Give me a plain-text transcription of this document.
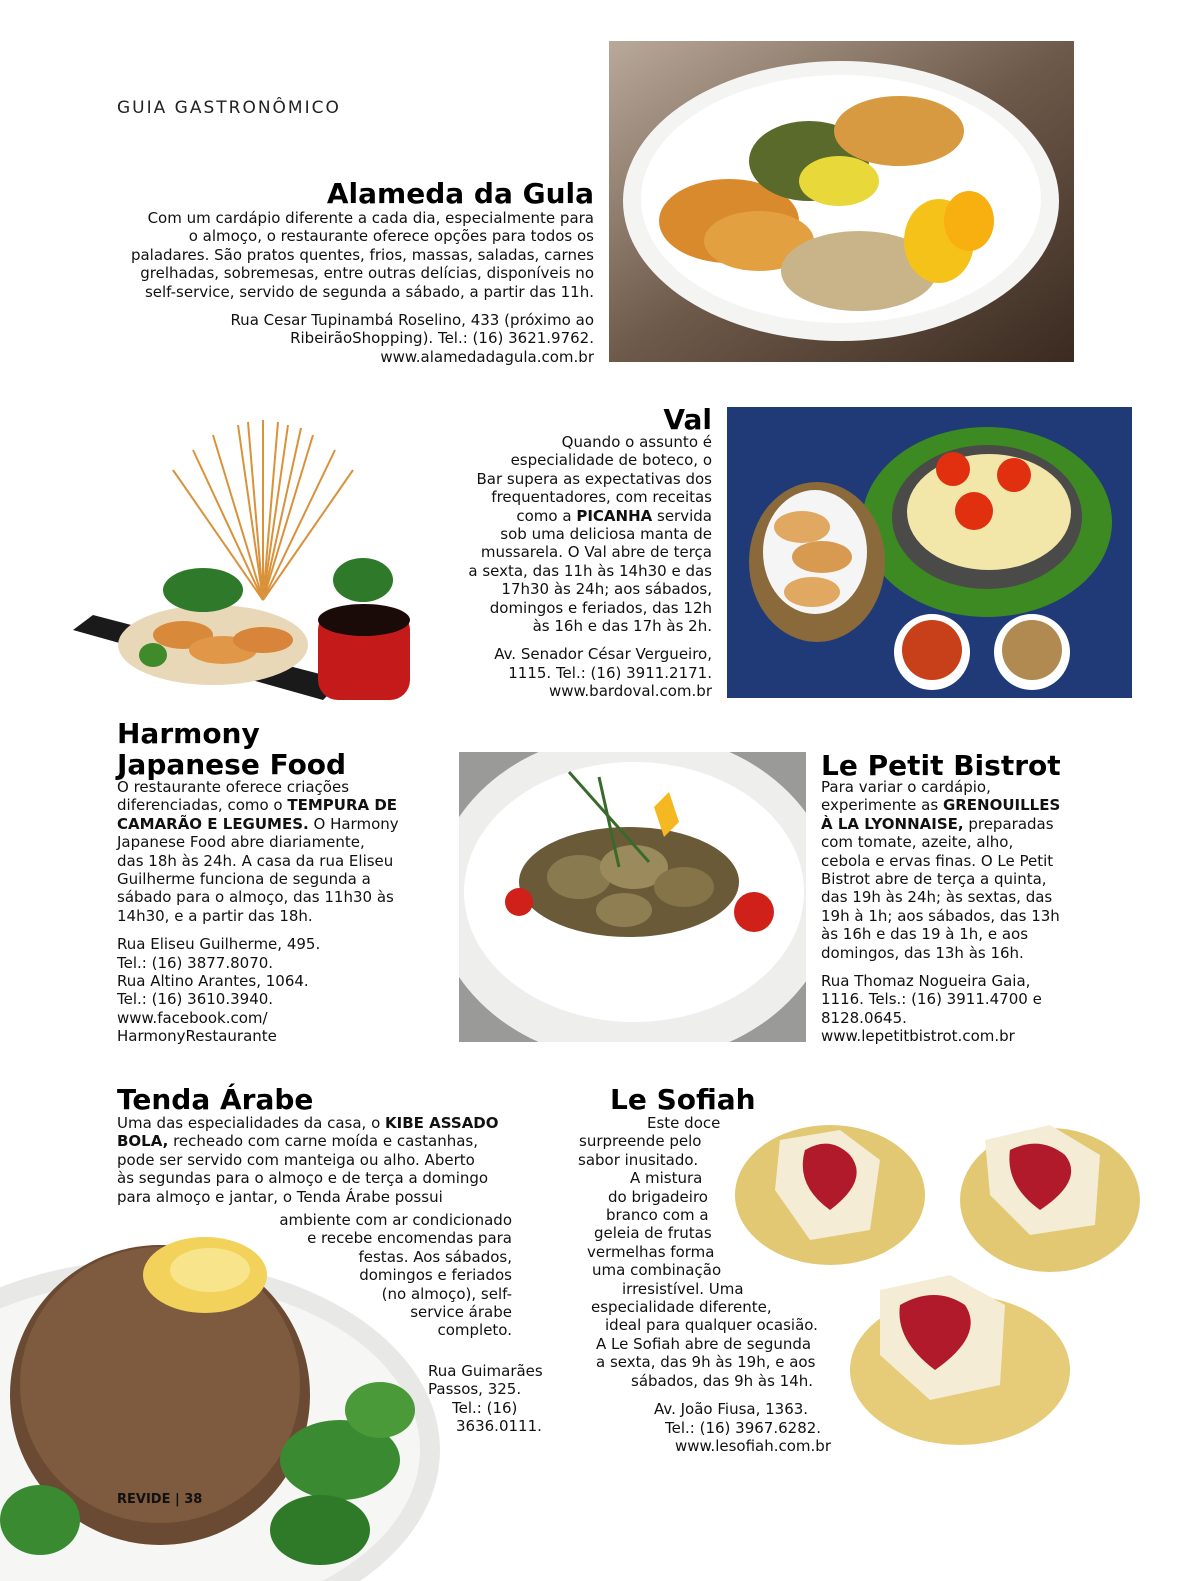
GUIA GASTRONÔMICO
Alameda da Gula

Com um cardápio diferente a cada dia, especialmente para

o almoço, o restaurante oferece opções para todos os

paladares. São pratos quentes, frios, massas, saladas, carnes

grelhadas, sobremesas, entre outras delícias, disponíveis no

self-service, servido de segunda a sábado, a partir das 11h.

Rua Cesar Tupinambá Roselino, 433 (próximo ao

RibeirãoShopping). Tel.: (16) 3621.9762.

www.alamedadagula.com.br

Val

Quando o assunto é

especialidade de boteco, o

Bar supera as expectativas dos

frequentadores, com receitas

como a PICANHA servida

sob uma deliciosa manta de

mussarela. O Val abre de terça

a sexta, das 11h às 14h30 e das

17h30 às 24h; aos sábados,

domingos e feriados, das 12h

às 16h e das 17h às 2h.

Av. Senador César Vergueiro,

1115. Tel.: (16) 3911.2171.

www.bardoval.com.br

Harmony
Japanese Food

O restaurante oferece criações

diferenciadas, como o TEMPURA DE

CAMARÃO E LEGUMES. O Harmony

Japanese Food abre diariamente,

das 18h às 24h. A casa da rua Eliseu

Guilherme funciona de segunda a

sábado para o almoço, das 11h30 às

14h30, e a partir das 18h.

Rua Eliseu Guilherme, 495.

Tel.: (16) 3877.8070.

Rua Altino Arantes, 1064.

Tel.: (16) 3610.3940.

www.facebook.com/

HarmonyRestaurante

Le Petit Bistrot

Para variar o cardápio,

experimente as GRENOUILLES

À LA LYONNAISE, preparadas

com tomate, azeite, alho,

cebola e ervas finas. O Le Petit

Bistrot abre de terça a quinta,

das 19h às 24h; às sextas, das

19h à 1h; aos sábados, das 13h

às 16h e das 19 à 1h, e aos

domingos, das 13h às 16h.

Rua Thomaz Nogueira Gaia,

1116. Tels.: (16) 3911.4700 e

8128.0645.

www.lepetitbistrot.com.br

Tenda Árabe

Uma das especialidades da casa, o KIBE ASSADO

BOLA, recheado com carne moída e castanhas,

pode ser servido com manteiga ou alho. Aberto

às segundas para o almoço e de terça a domingo

para almoço e jantar, o Tenda Árabe possui

ambiente com ar condicionado

e recebe encomendas para

festas. Aos sábados,

domingos e feriados

(no almoço), self-

service árabe

completo.

Rua Guimarães

Passos, 325.

Tel.: (16)

3636.0111.

Le Sofiah

Este doce

surpreende pelo

sabor inusitado.

A mistura

do brigadeiro

branco com a

geleia de frutas

vermelhas forma

uma combinação

irresistível. Uma

especialidade diferente,

ideal para qualquer ocasião.

A Le Sofiah abre de segunda

a sexta, das 9h às 19h, e aos

sábados, das 9h às 14h.

Av. João Fiusa, 1363.

Tel.: (16) 3967.6282.

www.lesofiah.com.br

REVIDE | 38
